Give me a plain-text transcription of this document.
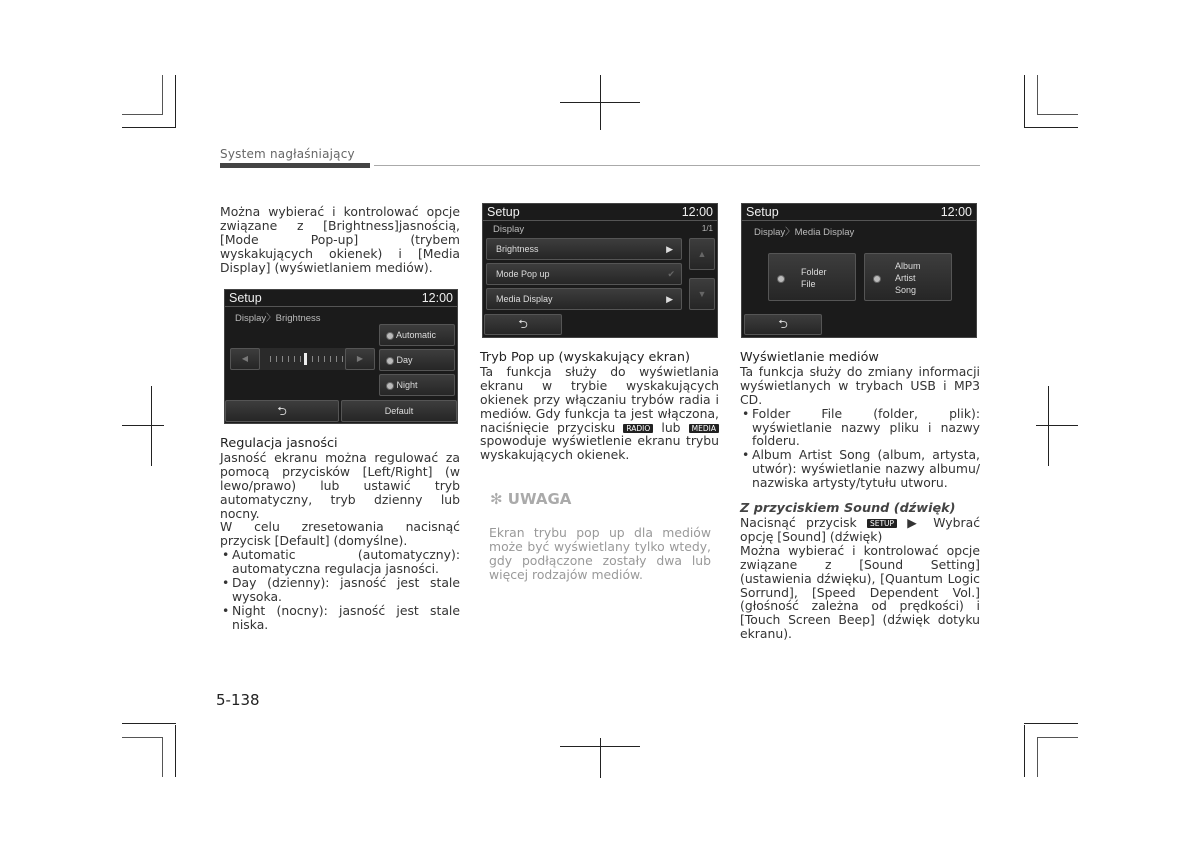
System nagłaśniający

Można wybierać i kontrolować opcje związane z [Brightness]jasnością, [Mode Pop-up] (trybem wyskakujących okienek) i [Media Display] (wyświetlaniem mediów).

Setup	12:00
Display〉Brightness
◀	▶
Automatic
Day
Night
⮌	Default
Regulacja jasności

Jasność ekranu można regulować za pomocą przycisków [Left/Right] (w lewo/prawo) lub ustawić tryb automatyczny, tryb dzienny lub nocny.

W celu zresetowania nacisnąć przycisk [Default] (domyślne).

• Automatic (automatyczny): automatyczna regulacja jasności.

• Day (dzienny): jasność jest stale wysoka.

• Night (nocny): jasność jest stale niska.

Setup	12:00
Display	1/1
Brightness	▶
Mode Pop up	✔
Media Display	▶
▲
▼
⮌
Tryb Pop up (wyskakujący ekran)

Ta funkcja służy do wyświetlania ekranu w trybie wyskakujących okienek przy włączaniu trybów radia i mediów. Gdy funkcja ta jest włączona, naciśnięcie przycisku RADIO lub MEDIA spowoduje wyświetlenie ekranu trybu wyskakujących okienek.

✻ UWAGA
Ekran trybu pop up dla mediów może być wyświetlany tylko wtedy, gdy podłączone zostały dwa lub więcej rodzajów mediów.
Setup	12:00
Display〉Media Display
Folder
File
Album
Artist
Song
⮌
Wyświetlanie mediów

Ta funkcja służy do zmiany informacji wyświetlanych w trybach USB i MP3 CD.

• Folder File (folder, plik): wyświetlanie nazwy pliku i nazwy folderu.

• Album Artist Song (album, artysta, utwór): wyświetlanie nazwy albumu/ nazwiska artysty/tytułu utworu.

Z przyciskiem Sound (dźwięk)

Nacisnąć przycisk SETUP ▶ Wybrać opcję [Sound] (dźwięk)

Można wybierać i kontrolować opcje związane z [Sound Setting] (ustawienia dźwięku), [Quantum Logic Sorrund], [Speed Dependent Vol.] (głośność zależna od prędkości) i [Touch Screen Beep] (dźwięk dotyku ekranu).

5-138
